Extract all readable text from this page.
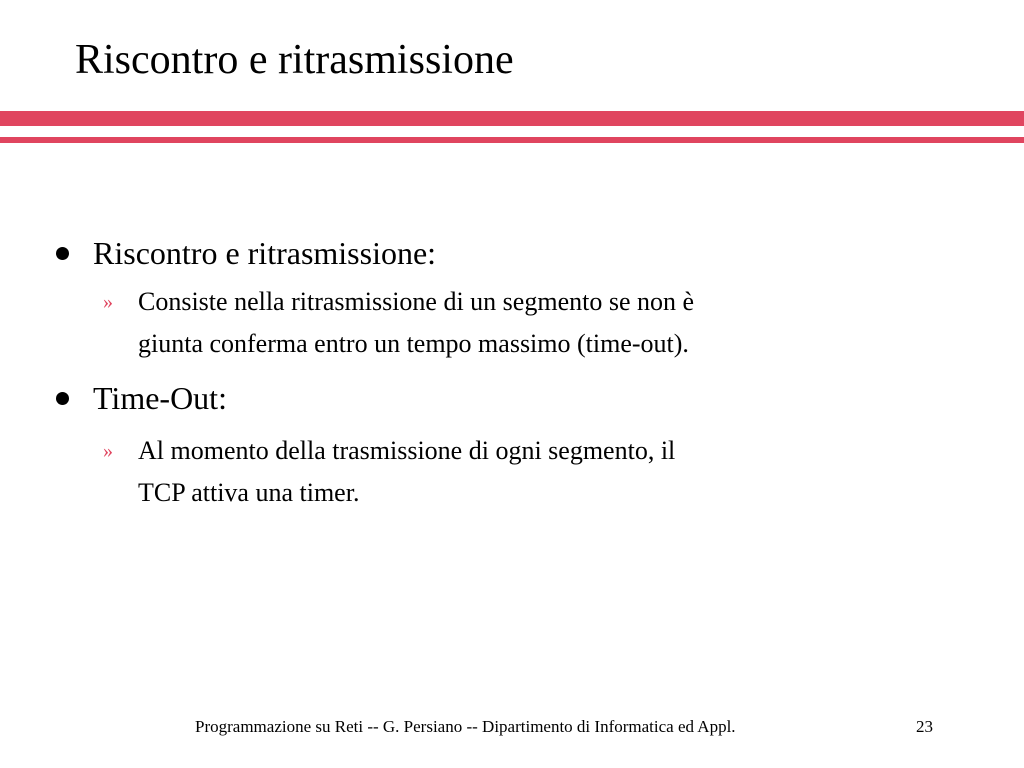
Riscontro e ritrasmissione
Riscontro e ritrasmissione:
» Consiste nella ritrasmissione di un segmento se non è
giunta conferma entro un tempo massimo (time-out).
Time-Out:
» Al momento della trasmissione di ogni segmento, il
TCP attiva una timer.
Programmazione su Reti -- G. Persiano -- Dipartimento di Informatica ed Appl.	23
